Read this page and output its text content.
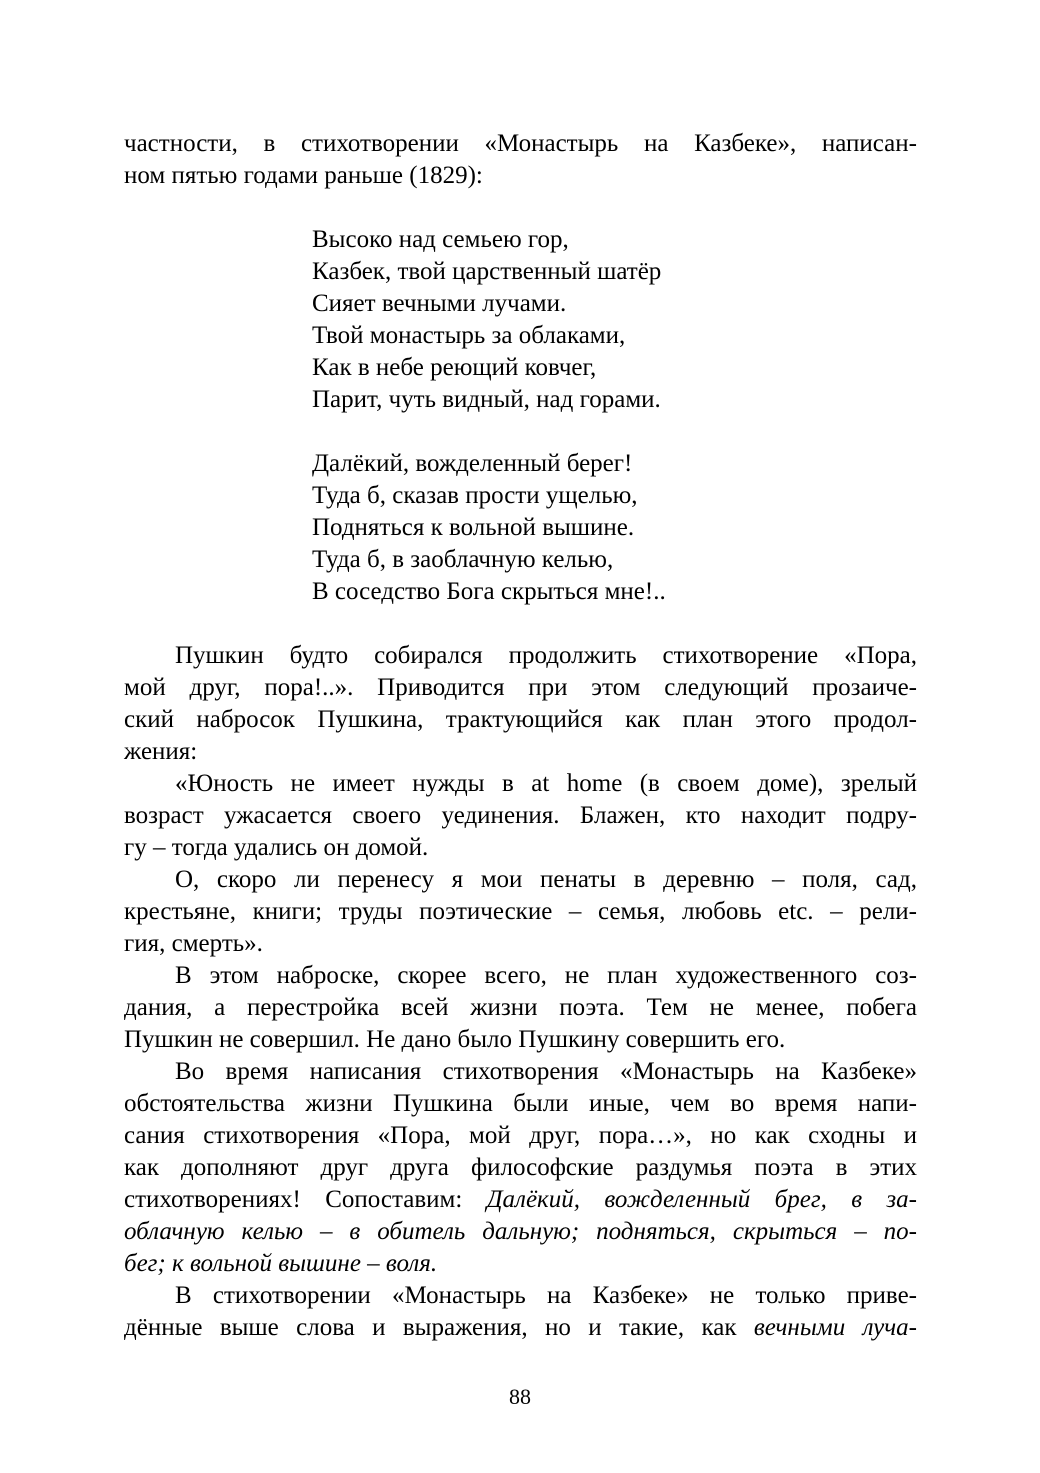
частности, в стихотворении «Монастырь на Казбеке», написан-
ном пятью годами раньше (1829):
Высоко над семьею гор,
Казбек, твой царственный шатёр
Сияет вечными лучами.
Твой монастырь за облаками,
Как в небе реющий ковчег,
Парит, чуть видный, над горами.
Далёкий, вожделенный берег!
Туда б, сказав прости ущелью,
Подняться к вольной вышине.
Туда б, в заоблачную келью,
В соседство Бога скрыться мне!..
Пушкин будто собирался продолжить стихотворение «Пора,
мой друг, пора!..». Приводится при этом следующий прозаиче-
ский набросок Пушкина, трактующийся как план этого продол-
жения:
«Юность не имеет нужды в at home (в своем доме), зрелый
возраст ужасается своего уединения. Блажен, кто находит подру-
гу – тогда удались он домой.
О, скоро ли перенесу я мои пенаты в деревню – поля, сад,
крестьяне, книги; труды поэтические – семья, любовь etc. – рели-
гия, смерть».
В этом наброске, скорее всего, не план художественного соз-
дания, а перестройка всей жизни поэта. Тем не менее, побега
Пушкин не совершил. Не дано было Пушкину совершить его.
Во время написания стихотворения «Монастырь на Казбеке»
обстоятельства жизни Пушкина были иные, чем во время напи-
сания стихотворения «Пора, мой друг, пора…», но как сходны и
как дополняют друг друга философские раздумья поэта в этих
стихотворениях! Сопоставим: Далёкий, вожделенный брег, в за-
облачную келью – в обитель дальную; подняться, скрыться – по-
бег; к вольной вышине – воля.
В стихотворении «Монастырь на Казбеке» не только приве-
дённые выше слова и выражения, но и такие, как вечными луча-
88
